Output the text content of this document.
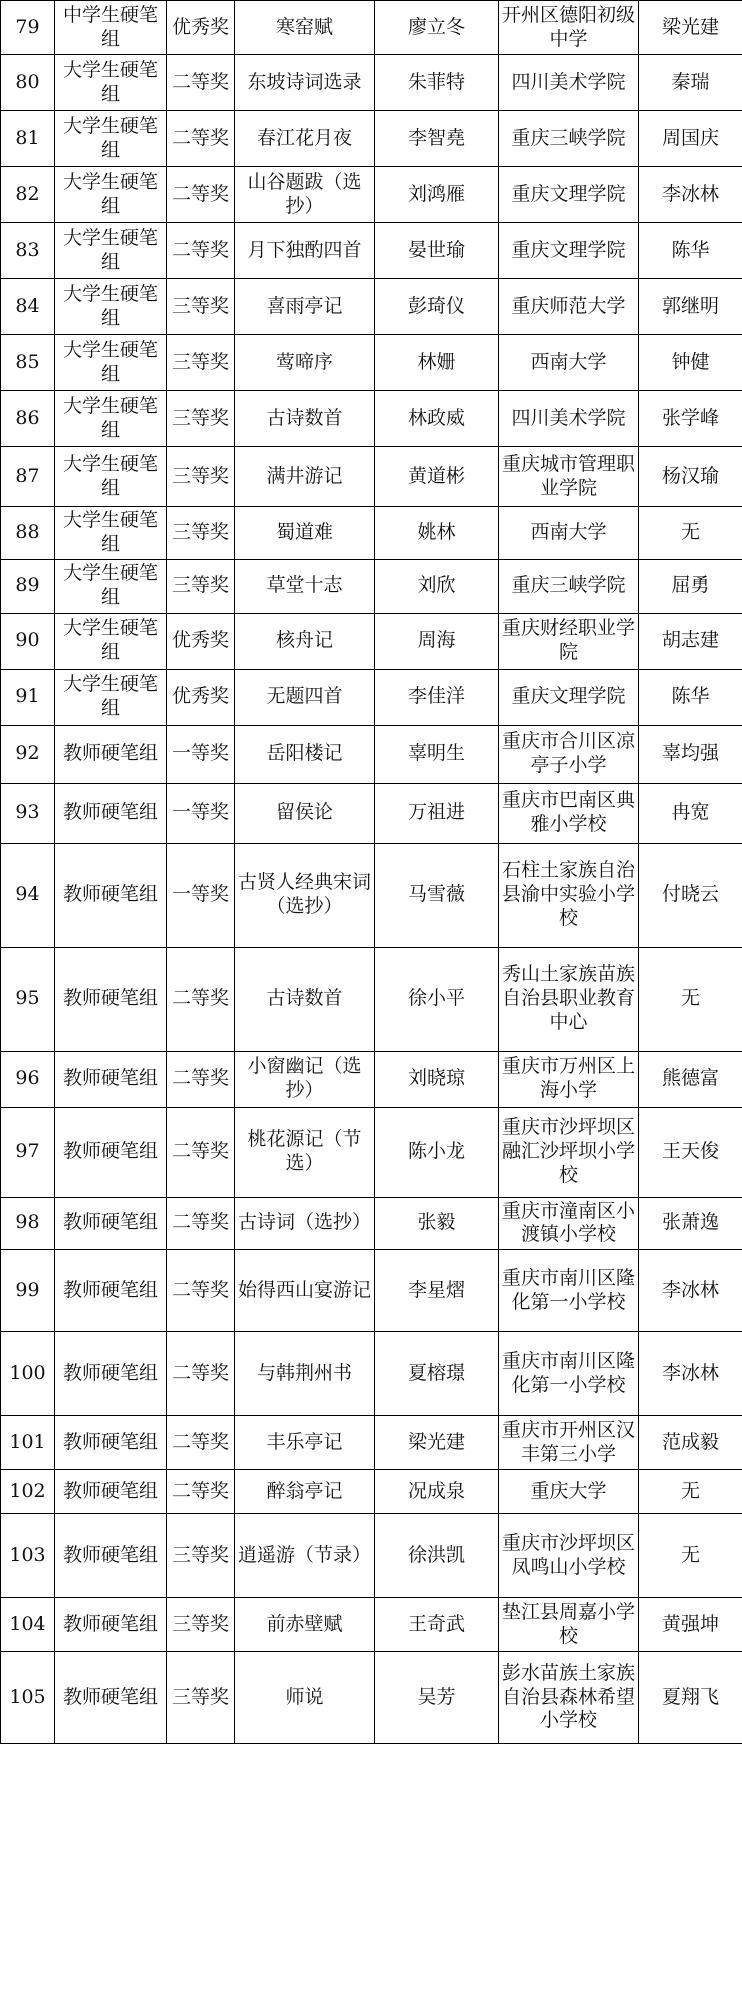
79	中学生硬笔组	优秀奖	寒窑赋	廖立冬	开州区德阳初级中学	梁光建
80	大学生硬笔组	二等奖	东坡诗词选录	朱菲特	四川美术学院	秦瑞
81	大学生硬笔组	二等奖	春江花月夜	李智堯	重庆三峡学院	周国庆
82	大学生硬笔组	二等奖	山谷题跋（选抄）	刘鸿雁	重庆文理学院	李冰林
83	大学生硬笔组	二等奖	月下独酌四首	晏世瑜	重庆文理学院	陈华
84	大学生硬笔组	三等奖	喜雨亭记	彭琦仪	重庆师范大学	郭继明
85	大学生硬笔组	三等奖	莺啼序	林姗	西南大学	钟健
86	大学生硬笔组	三等奖	古诗数首	林政威	四川美术学院	张学峰
87	大学生硬笔组	三等奖	满井游记	黄道彬	重庆城市管理职业学院	杨汉瑜
88	大学生硬笔组	三等奖	蜀道难	姚林	西南大学	无
89	大学生硬笔组	三等奖	草堂十志	刘欣	重庆三峡学院	屈勇
90	大学生硬笔组	优秀奖	核舟记	周海	重庆财经职业学院	胡志建
91	大学生硬笔组	优秀奖	无题四首	李佳洋	重庆文理学院	陈华
92	教师硬笔组	一等奖	岳阳楼记	辜明生	重庆市合川区凉亭子小学	辜均强
93	教师硬笔组	一等奖	留侯论	万祖进	重庆市巴南区典雅小学校	冉宽
94	教师硬笔组	一等奖	古贤人经典宋词（选抄）	马雪薇	石柱土家族自治县渝中实验小学校	付晓云
95	教师硬笔组	二等奖	古诗数首	徐小平	秀山土家族苗族自治县职业教育中心	无
96	教师硬笔组	二等奖	小窗幽记（选抄）	刘晓琼	重庆市万州区上海小学	熊德富
97	教师硬笔组	二等奖	桃花源记（节选）	陈小龙	重庆市沙坪坝区融汇沙坪坝小学校	王天俊
98	教师硬笔组	二等奖	古诗词（选抄）	张毅	重庆市潼南区小渡镇小学校	张萧逸
99	教师硬笔组	二等奖	始得西山宴游记	李星熠	重庆市南川区隆化第一小学校	李冰林
100	教师硬笔组	二等奖	与韩荆州书	夏榕璟	重庆市南川区隆化第一小学校	李冰林
101	教师硬笔组	二等奖	丰乐亭记	梁光建	重庆市开州区汉丰第三小学	范成毅
102	教师硬笔组	二等奖	醉翁亭记	况成泉	重庆大学	无
103	教师硬笔组	三等奖	逍遥游（节录）	徐洪凯	重庆市沙坪坝区凤鸣山小学校	无
104	教师硬笔组	三等奖	前赤壁赋	王奇武	垫江县周嘉小学校	黄强坤
105	教师硬笔组	三等奖	师说	吴芳	彭水苗族土家族自治县森林希望小学校	夏翔飞
